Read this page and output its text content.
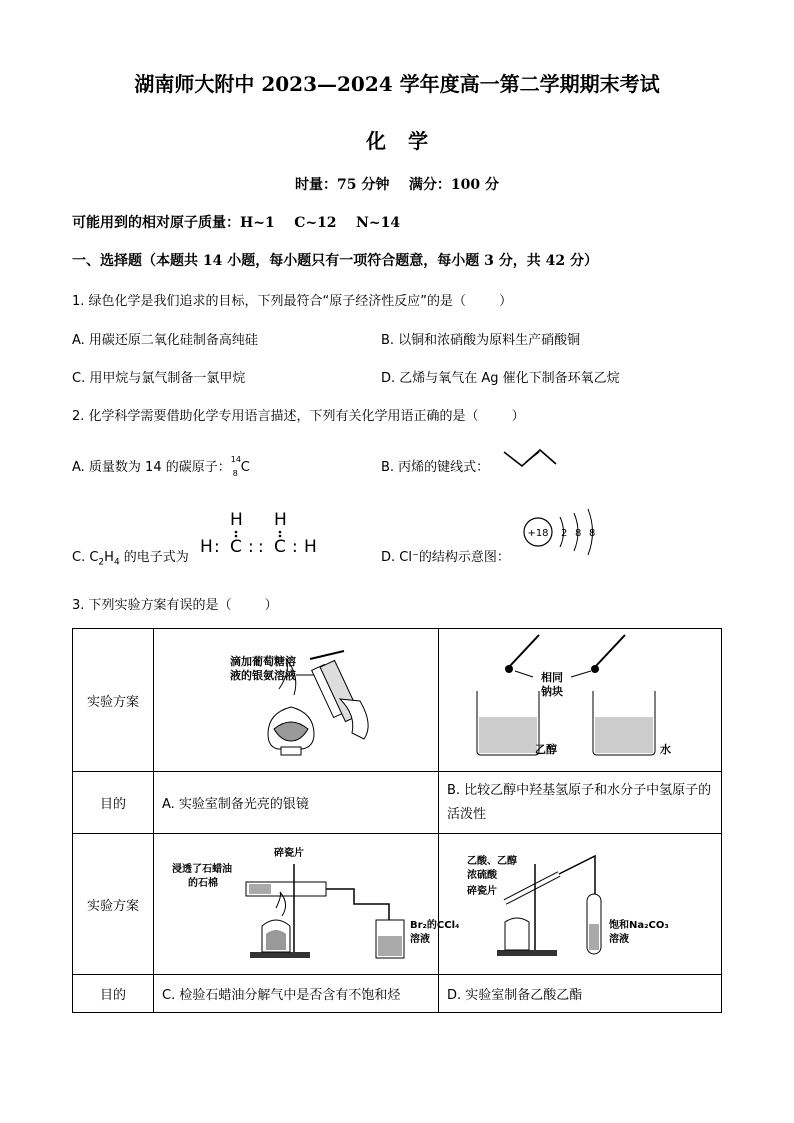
湖南师大附中 2023—2024 学年度高一第二学期期末考试
化学
时量：75 分钟    满分：100 分
可能用到的相对原子质量：H~1    C~12    N~14
一、选择题（本题共 14 小题，每小题只有一项符合题意，每小题 3 分，共 42 分）
1. 绿色化学是我们追求的目标，下列最符合“原子经济性反应”的是（        ）
A. 用碳还原二氧化硅制备高纯硅	B. 以铜和浓硝酸为原料生产硝酸铜
C. 用甲烷与氯气制备一氯甲烷	D. 乙烯与氧气在 Ag 催化下制备环氧乙烷
2. 化学科学需要借助化学专用语言描述，下列有关化学用语正确的是（        ）
A. 质量数为 14 的碳原子：
14
8 C	B. 丙烯的键线式：
C. $C_2H_4$ 的电子式为
H H
H : C : : C : H
D. Cl⁻的结构示意图：
+18 2 8 8
3. 下列实验方案有误的是（        ）
实验方案	滴加葡萄糖溶
液的银氨溶液	相同
钠块
乙醇 水

目的	A. 实验室制备光亮的银镜	B. 比较乙醇中羟基氢原子和水分子中氢原子的活泼性
实验方案	碎瓷片
浸透了石蜡油
的石棉
Br₂的CCl₄
溶液	乙酸、乙醇
浓硫酸
碎瓷片
饱和Na₂CO₃
溶液

目的	C. 检验石蜡油分解气中是否含有不饱和烃	D. 实验室制备乙酸乙酯
